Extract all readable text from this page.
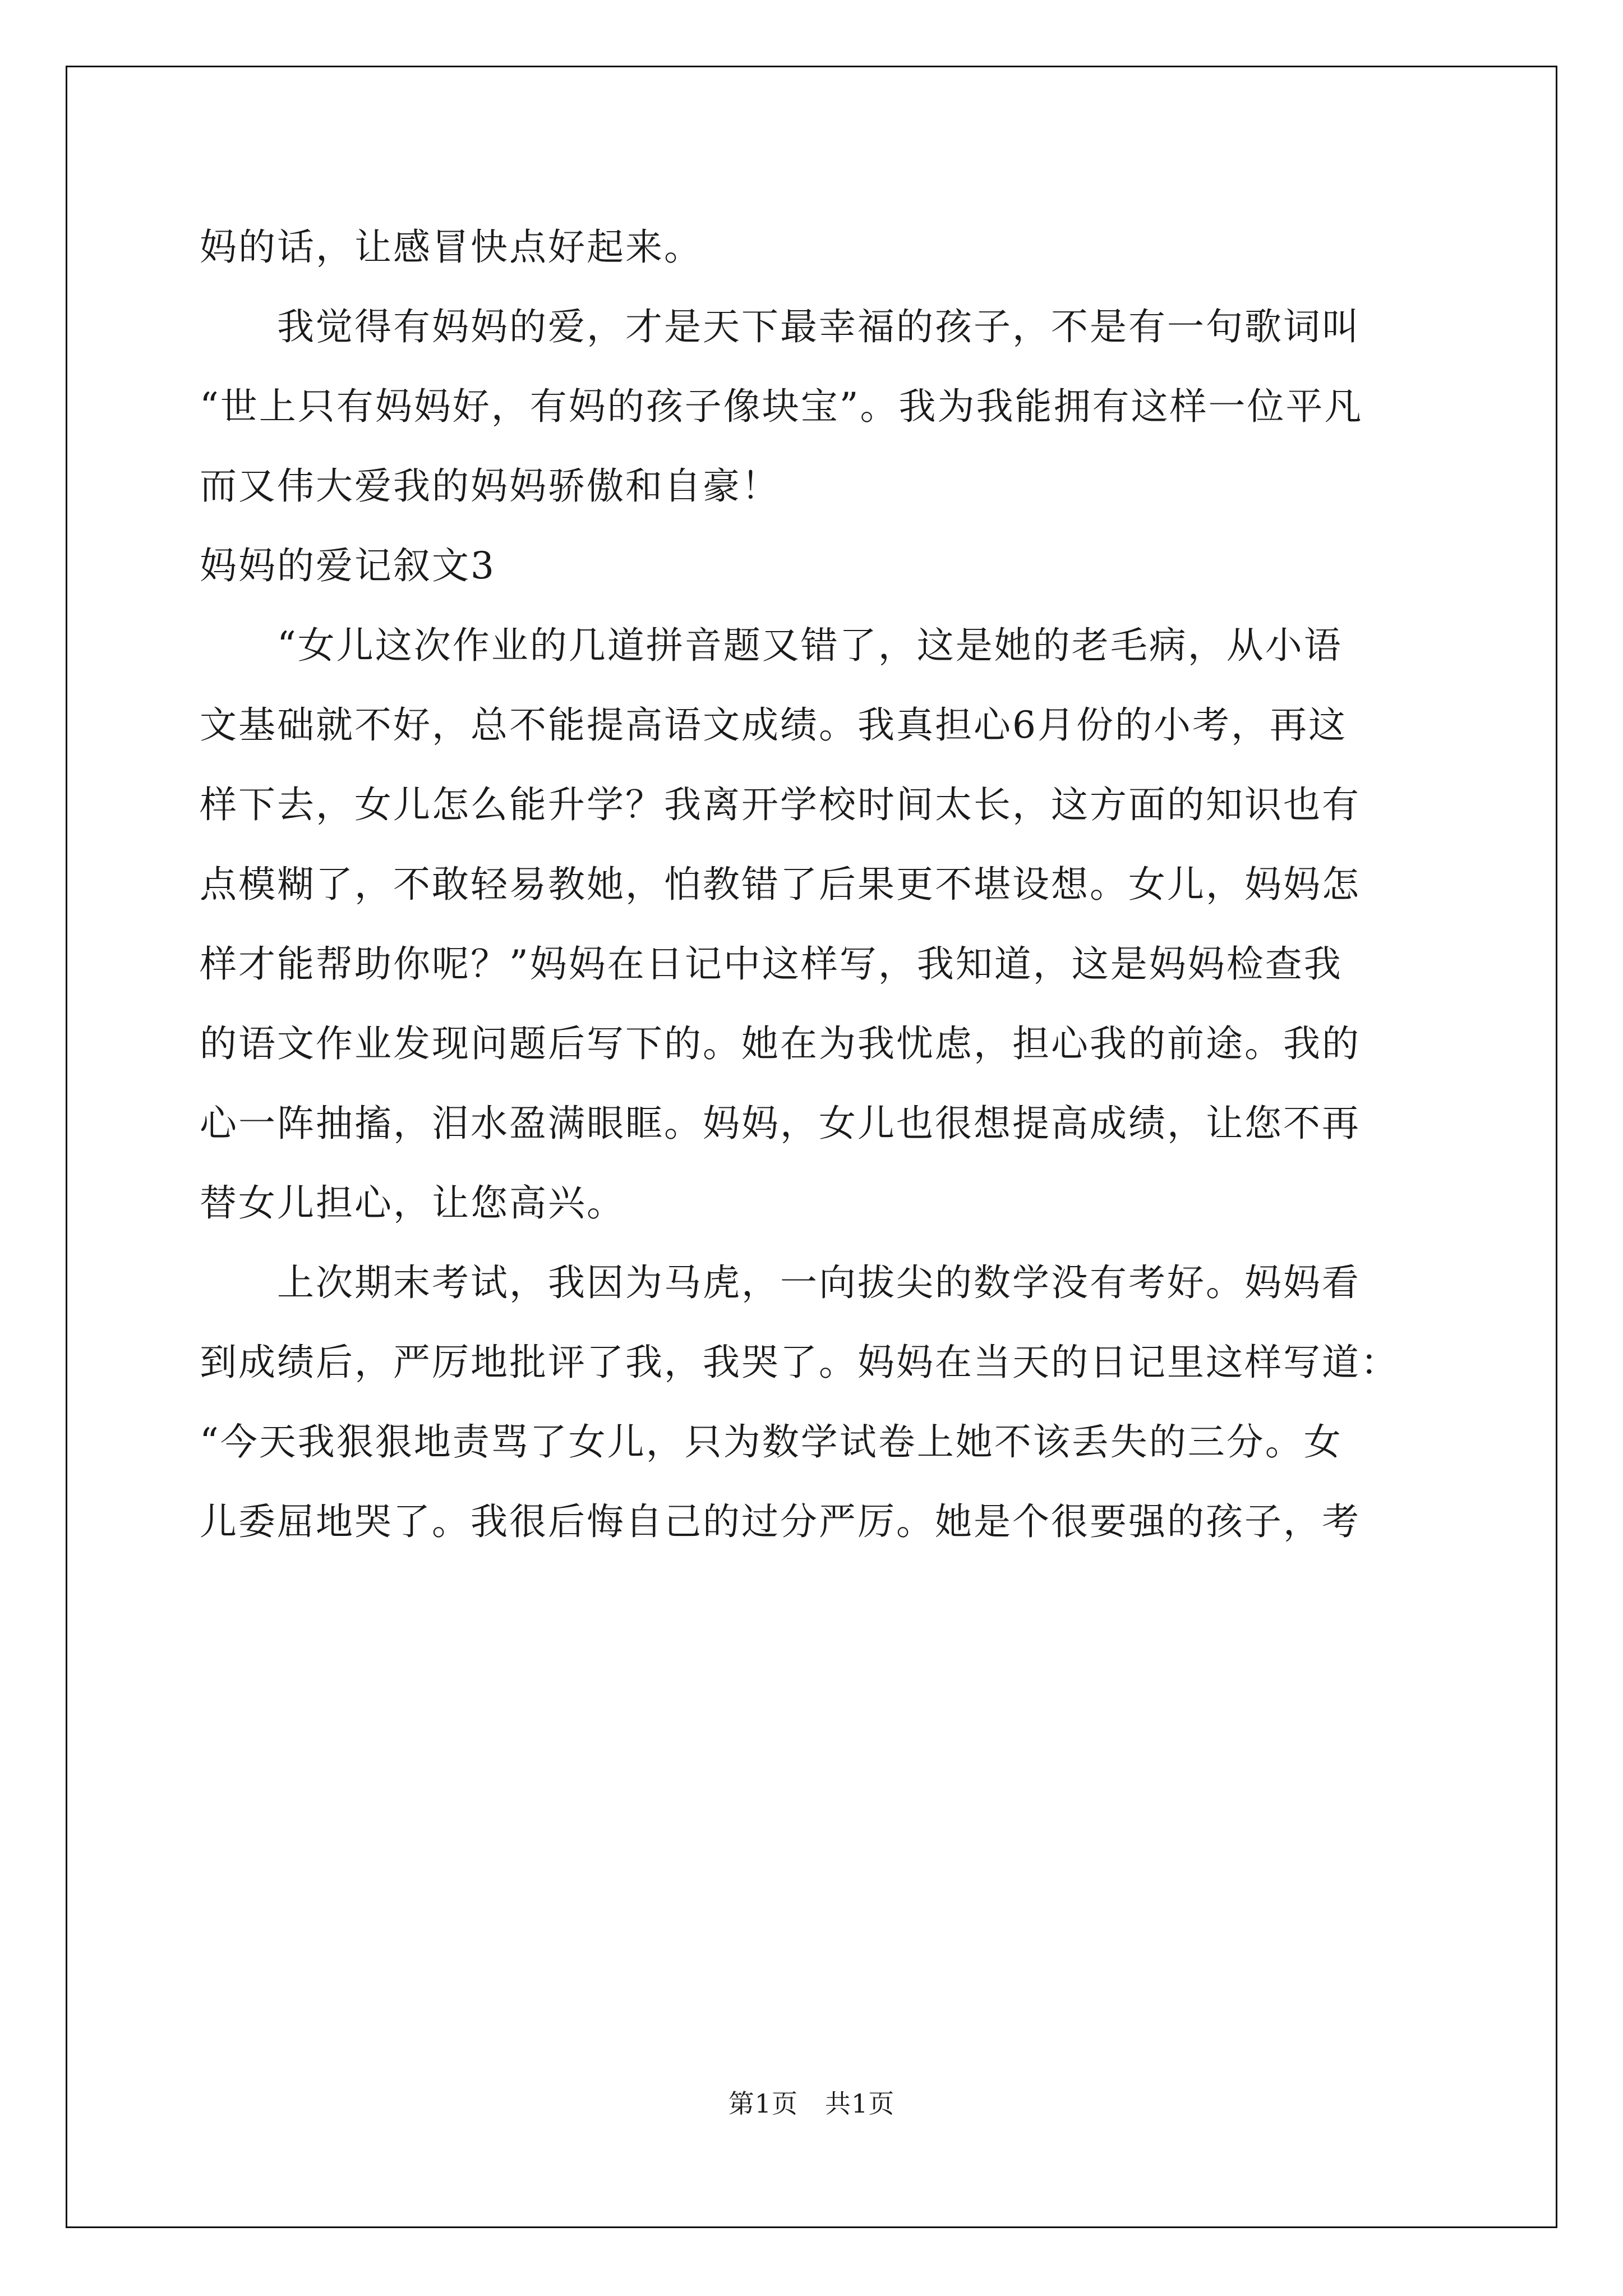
妈的话，让感冒快点好起来。
　　我觉得有妈妈的爱，才是天下最幸福的孩子，不是有一句歌词叫
“世上只有妈妈好，有妈的孩子像块宝”。我为我能拥有这样一位平凡
而又伟大爱我的妈妈骄傲和自豪！
妈妈的爱记叙文3
　　“女儿这次作业的几道拼音题又错了，这是她的老毛病，从小语
文基础就不好，总不能提高语文成绩。我真担心6月份的小考，再这
样下去，女儿怎么能升学？我离开学校时间太长，这方面的知识也有
点模糊了，不敢轻易教她，怕教错了后果更不堪设想。女儿，妈妈怎
样才能帮助你呢？”妈妈在日记中这样写，我知道，这是妈妈检查我
的语文作业发现问题后写下的。她在为我忧虑，担心我的前途。我的
心一阵抽搐，泪水盈满眼眶。妈妈，女儿也很想提高成绩，让您不再
替女儿担心，让您高兴。
　　上次期末考试，我因为马虎，一向拔尖的数学没有考好。妈妈看
到成绩后，严厉地批评了我，我哭了。妈妈在当天的日记里这样写道：
“今天我狠狠地责骂了女儿，只为数学试卷上她不该丢失的三分。女
儿委屈地哭了。我很后悔自己的过分严厉。她是个很要强的孩子，考
第1页 共1页
